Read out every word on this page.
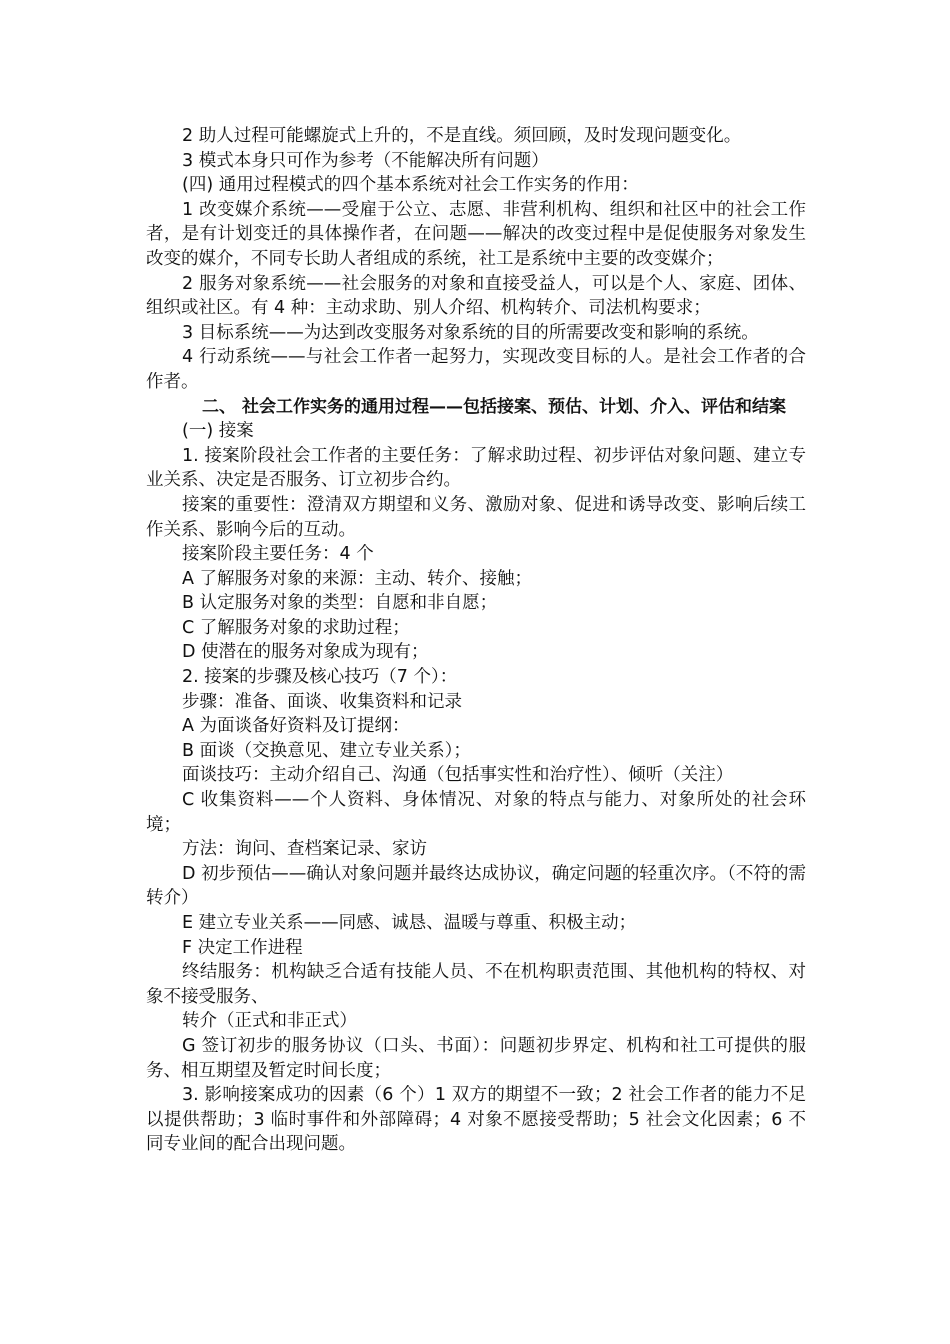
2 助人过程可能螺旋式上升的，不是直线。须回顾，及时发现问题变化。

3 模式本身只可作为参考（不能解决所有问题）

(四) 通用过程模式的四个基本系统对社会工作实务的作用：

1 改变媒介系统——受雇于公立、志愿、非营利机构、组织和社区中的社会工作者，是有计划变迁的具体操作者，在问题——解决的改变过程中是促使服务对象发生改变的媒介，不同专长助人者组成的系统，社工是系统中主要的改变媒介；

2 服务对象系统——社会服务的对象和直接受益人，可以是个人、家庭、团体、组织或社区。有 4 种：主动求助、别人介绍、机构转介、司法机构要求；

3 目标系统——为达到改变服务对象系统的目的所需要改变和影响的系统。

4 行动系统——与社会工作者一起努力，实现改变目标的人。是社会工作者的合作者。

二、 社会工作实务的通用过程——包括接案、预估、计划、介入、评估和结案

(一) 接案

1. 接案阶段社会工作者的主要任务：了解求助过程、初步评估对象问题、建立专业关系、决定是否服务、订立初步合约。

接案的重要性：澄清双方期望和义务、激励对象、促进和诱导改变、影响后续工作关系、影响今后的互动。

接案阶段主要任务：4 个

A 了解服务对象的来源：主动、转介、接触；

B 认定服务对象的类型：自愿和非自愿；

C 了解服务对象的求助过程；

D 使潜在的服务对象成为现有；

2. 接案的步骤及核心技巧（7 个）：

步骤：准备、面谈、收集资料和记录

A 为面谈备好资料及订提纲：

B 面谈（交换意见、建立专业关系）；

面谈技巧：主动介绍自己、沟通（包括事实性和治疗性）、倾听（关注）

C 收集资料——个人资料、身体情况、对象的特点与能力、对象所处的社会环境；

方法：询问、查档案记录、家访

D 初步预估——确认对象问题并最终达成协议，确定问题的轻重次序。（不符的需转介）

E 建立专业关系——同感、诚恳、温暖与尊重、积极主动；

F 决定工作进程

终结服务：机构缺乏合适有技能人员、不在机构职责范围、其他机构的特权、对象不接受服务、

转介（正式和非正式）

G 签订初步的服务协议（口头、书面）：问题初步界定、机构和社工可提供的服务、相互期望及暂定时间长度；

3. 影响接案成功的因素（6 个）1 双方的期望不一致；2 社会工作者的能力不足以提供帮助；3 临时事件和外部障碍；4 对象不愿接受帮助；5 社会文化因素；6 不同专业间的配合出现问题。
